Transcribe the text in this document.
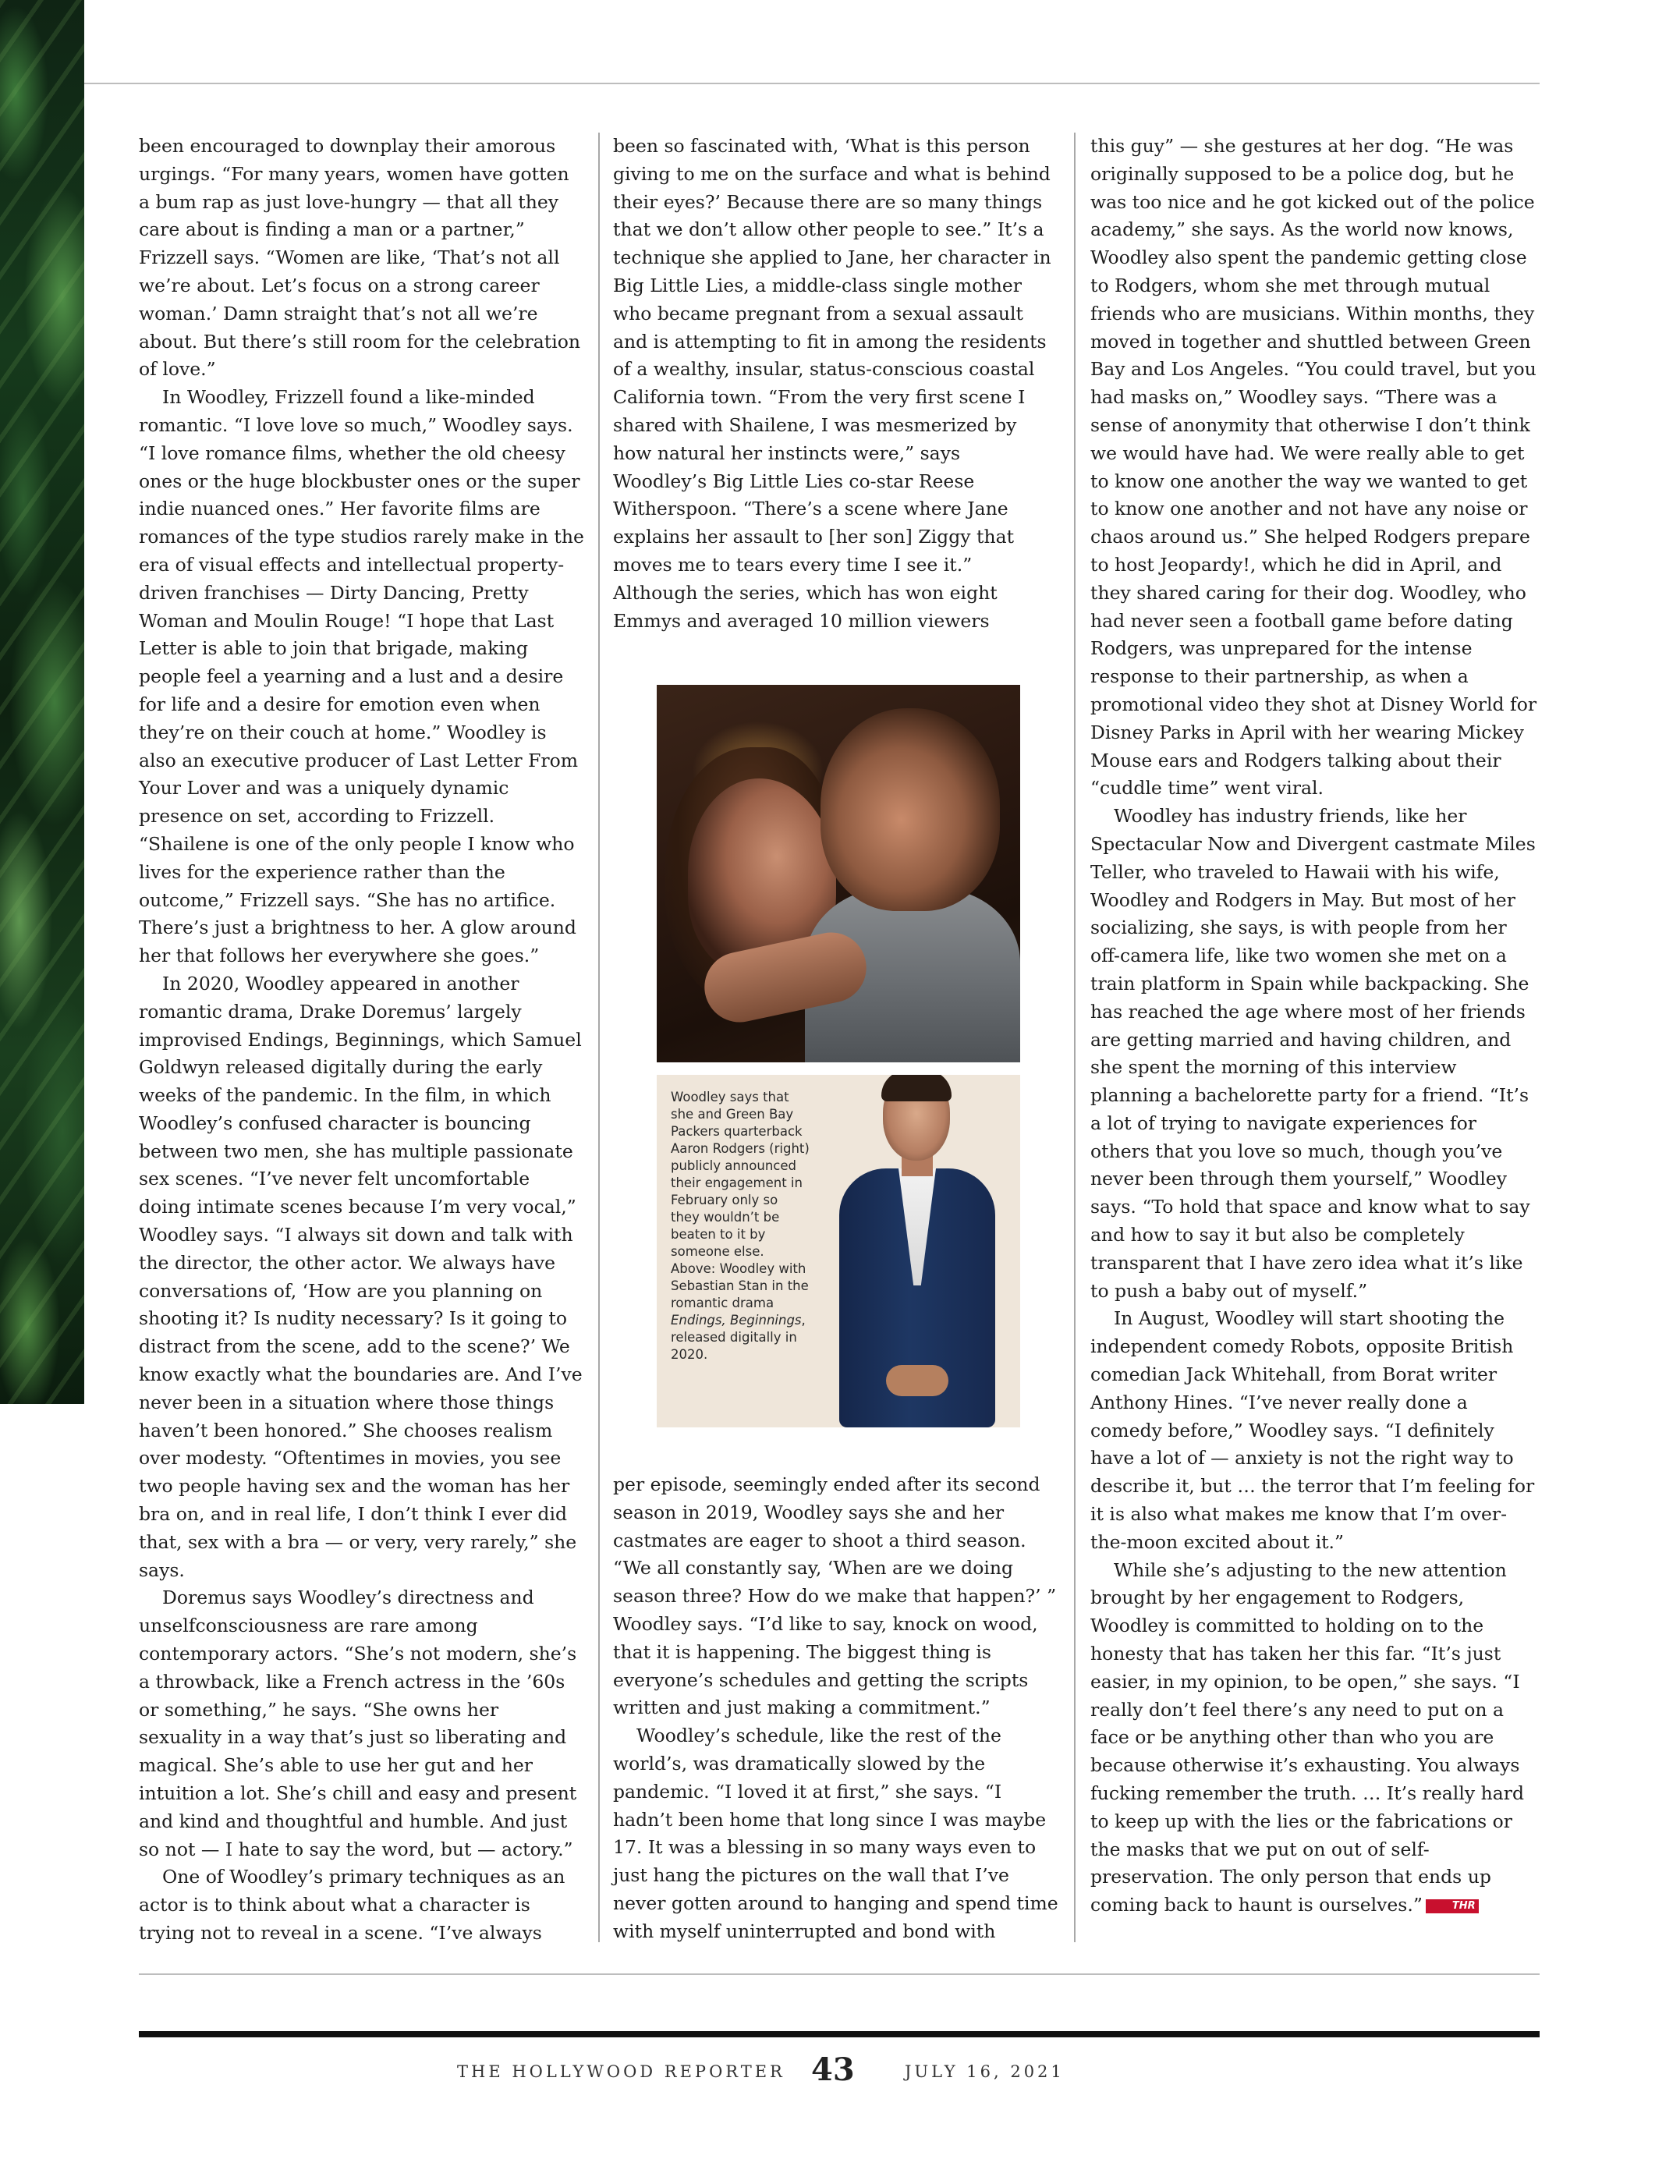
been encouraged to downplay their amorous urgings. “For many years, women have gotten a bum rap as just love-hungry — that all they care about is finding a man or a partner,” Frizzell says. “Women are like, ‘That’s not all we’re about. Let’s focus on a strong career woman.’ Damn straight that’s not all we’re about. But there’s still room for the celebration of love.”

In Woodley, Frizzell found a like-minded romantic. “I love love so much,” Woodley says. “I love romance films, whether the old cheesy ones or the huge blockbuster ones or the super indie nuanced ones.” Her favorite films are romances of the type studios rarely make in the era of visual effects and intellectual property-driven franchises — Dirty Dancing, Pretty Woman and Moulin Rouge! “I hope that Last Letter is able to join that brigade, making people feel a yearning and a lust and a desire for life and a desire for emotion even when they’re on their couch at home.” Woodley is also an executive producer of Last Letter From Your Lover and was a uniquely dynamic presence on set, according to Frizzell. “Shailene is one of the only people I know who lives for the experience rather than the outcome,” Frizzell says. “She has no artifice. There’s just a brightness to her. A glow around her that follows her everywhere she goes.”

In 2020, Woodley appeared in another romantic drama, Drake Doremus’ largely improvised Endings, Beginnings, which Samuel Goldwyn released digitally during the early weeks of the pandemic. In the film, in which Woodley’s confused character is bouncing between two men, she has multiple passionate sex scenes. “I’ve never felt uncomfortable doing intimate scenes because I’m very vocal,” Woodley says. “I always sit down and talk with the director, the other actor. We always have conversations of, ‘How are you planning on shooting it? Is nudity necessary? Is it going to distract from the scene, add to the scene?’ We know exactly what the boundaries are. And I’ve never been in a situation where those things haven’t been honored.” She chooses realism over modesty. “Oftentimes in movies, you see two people having sex and the woman has her bra on, and in real life, I don’t think I ever did that, sex with a bra — or very, very rarely,” she says.

Doremus says Woodley’s directness and unselfconsciousness are rare among contemporary actors. “She’s not modern, she’s a throwback, like a French actress in the ’60s or something,” he says. “She owns her sexuality in a way that’s just so liberating and magical. She’s able to use her gut and her intuition a lot. She’s chill and easy and present and kind and thoughtful and humble. And just so not — I hate to say the word, but — actory.”

One of Woodley’s primary techniques as an actor is to think about what a character is trying not to reveal in a scene. “I’ve always

been so fascinated with, ‘What is this person giving to me on the surface and what is behind their eyes?’ Because there are so many things that we don’t allow other people to see.” It’s a technique she applied to Jane, her character in Big Little Lies, a middle-class single mother who became pregnant from a sexual assault and is attempting to fit in among the residents of a wealthy, insular, status-conscious coastal California town. “From the very first scene I shared with Shailene, I was mesmerized by how natural her instincts were,” says Woodley’s Big Little Lies co-star Reese Witherspoon. “There’s a scene where Jane explains her assault to [her son] Ziggy that moves me to tears every time I see it.” Although the series, which has won eight Emmys and averaged 10 million viewers

Woodley says that she and Green Bay Packers quarterback Aaron Rodgers (right) publicly announced their engagement in February only so they wouldn’t be beaten to it by someone else. Above: Woodley with Sebastian Stan in the romantic drama Endings, Beginnings, released digitally in 2020.

per episode, seemingly ended after its second season in 2019, Woodley says she and her castmates are eager to shoot a third season. “We all constantly say, ‘When are we doing season three? How do we make that happen?’ ” Woodley says. “I’d like to say, knock on wood, that it is happening. The biggest thing is everyone’s schedules and getting the scripts written and just making a commitment.”

Woodley’s schedule, like the rest of the world’s, was dramatically slowed by the pandemic. “I loved it at first,” she says. “I hadn’t been home that long since I was maybe 17. It was a blessing in so many ways even to just hang the pictures on the wall that I’ve never gotten around to hanging and spend time with myself uninterrupted and bond with

this guy” — she gestures at her dog. “He was originally supposed to be a police dog, but he was too nice and he got kicked out of the police academy,” she says. As the world now knows, Woodley also spent the pandemic getting close to Rodgers, whom she met through mutual friends who are musicians. Within months, they moved in together and shuttled between Green Bay and Los Angeles. “You could travel, but you had masks on,” Woodley says. “There was a sense of anonymity that otherwise I don’t think we would have had. We were really able to get to know one another the way we wanted to get to know one another and not have any noise or chaos around us.” She helped Rodgers prepare to host Jeopardy!, which he did in April, and they shared caring for their dog. Woodley, who had never seen a football game before dating Rodgers, was unprepared for the intense response to their partnership, as when a promotional video they shot at Disney World for Disney Parks in April with her wearing Mickey Mouse ears and Rodgers talking about their “cuddle time” went viral.

Woodley has industry friends, like her Spectacular Now and Divergent castmate Miles Teller, who traveled to Hawaii with his wife, Woodley and Rodgers in May. But most of her socializing, she says, is with people from her off-camera life, like two women she met on a train platform in Spain while backpacking. She has reached the age where most of her friends are getting married and having children, and she spent the morning of this interview planning a bachelorette party for a friend. “It’s a lot of trying to navigate experiences for others that you love so much, though you’ve never been through them yourself,” Woodley says. “To hold that space and know what to say and how to say it but also be completely transparent that I have zero idea what it’s like to push a baby out of myself.”

In August, Woodley will start shooting the independent comedy Robots, opposite British comedian Jack Whitehall, from Borat writer Anthony Hines. “I’ve never really done a comedy before,” Woodley says. “I definitely have a lot of — anxiety is not the right way to describe it, but … the terror that I’m feeling for it is also what makes me know that I’m over-the-moon excited about it.”

While she’s adjusting to the new attention brought by her engagement to Rodgers, Woodley is committed to holding on to the honesty that has taken her this far. “It’s just easier, in my opinion, to be open,” she says. “I really don’t feel there’s any need to put on a face or be anything other than who you are because otherwise it’s exhausting. You always fucking remember the truth. … It’s really hard to keep up with the lies or the fabrications or the masks that we put on out of self-preservation. The only person that ends up coming back to haunt is ourselves.”	THR

THE HOLLYWOOD REPORTER 43	JULY 16, 2021
